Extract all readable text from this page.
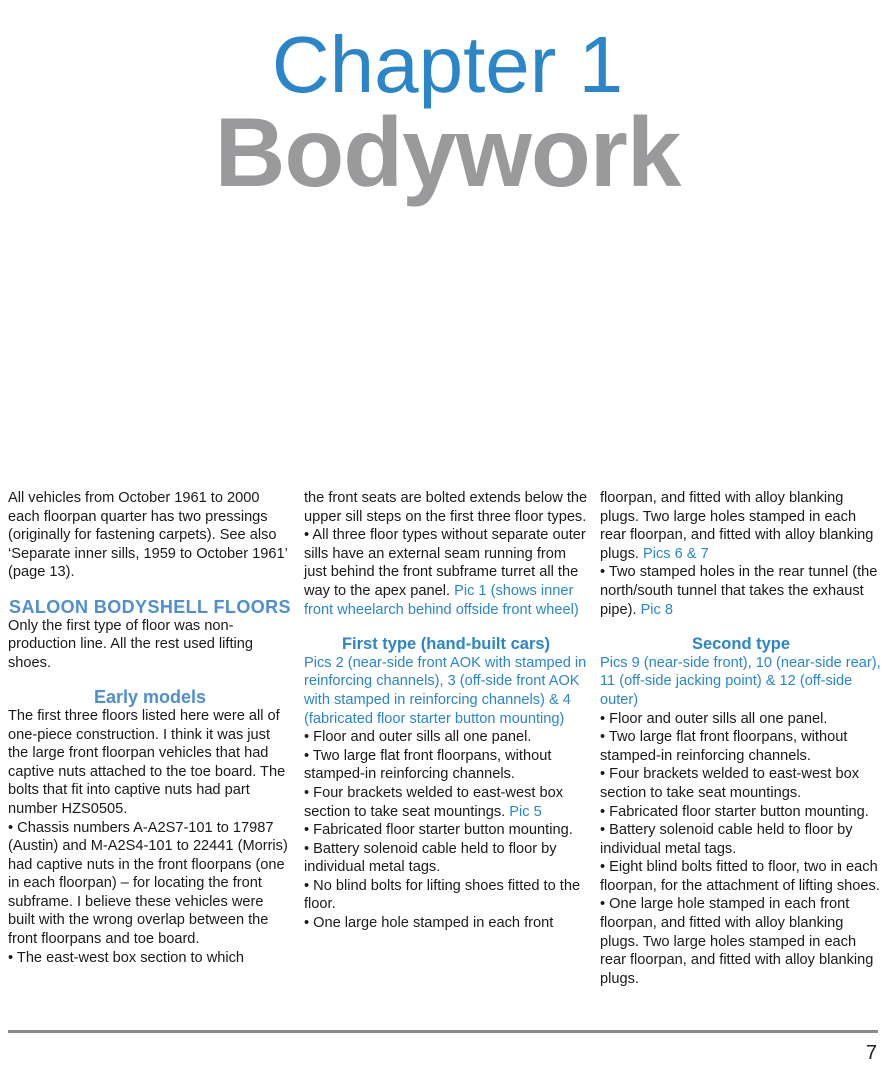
Chapter 1
Bodywork

All vehicles from October 1961 to 2000 each floorpan quarter has two pressings (originally for fastening carpets). See also ‘Separate inner sills, 1959 to October 1961’ (page 13).

SALOON BODYSHELL FLOORS

Only the first type of floor was non-production line. All the rest used lifting shoes.

Early models

The first three floors listed here were all of one-piece construction. I think it was just the large front floorpan vehicles that had captive nuts attached to the toe board. The bolts that fit into captive nuts had part number HZS0505.

• Chassis numbers A-A2S7-101 to 17987 (Austin) and M-A2S4-101 to 22441 (Morris) had captive nuts in the front floorpans (one in each floorpan) – for locating the front subframe. I believe these vehicles were built with the wrong overlap between the front floorpans and toe board.

• The east-west box section to which

the front seats are bolted extends below the upper sill steps on the first three floor types.

• All three floor types without separate outer sills have an external seam running from just behind the front subframe turret all the way to the apex panel. Pic 1 (shows inner front wheelarch behind offside front wheel)

First type (hand-built cars)

Pics 2 (near-side front AOK with stamped in reinforcing channels), 3 (off-side front AOK with stamped in reinforcing channels) & 4 (fabricated floor starter button mounting)

• Floor and outer sills all one panel.

• Two large flat front floorpans, without stamped-in reinforcing channels.

• Four brackets welded to east-west box section to take seat mountings. Pic 5

• Fabricated floor starter button mounting.

• Battery solenoid cable held to floor by individual metal tags.

• No blind bolts for lifting shoes fitted to the floor.

• One large hole stamped in each front

floorpan, and fitted with alloy blanking plugs. Two large holes stamped in each rear floorpan, and fitted with alloy blanking plugs. Pics 6 & 7

• Two stamped holes in the rear tunnel (the north/south tunnel that takes the exhaust pipe). Pic 8

Second type

Pics 9 (near-side front), 10 (near-side rear), 11 (off-side jacking point) & 12 (off-side outer)

• Floor and outer sills all one panel.

• Two large flat front floorpans, without stamped-in reinforcing channels.

• Four brackets welded to east-west box section to take seat mountings.

• Fabricated floor starter button mounting.

• Battery solenoid cable held to floor by individual metal tags.

• Eight blind bolts fitted to floor, two in each floorpan, for the attachment of lifting shoes.

• One large hole stamped in each front floorpan, and fitted with alloy blanking plugs. Two large holes stamped in each rear floorpan, and fitted with alloy blanking plugs.

7
